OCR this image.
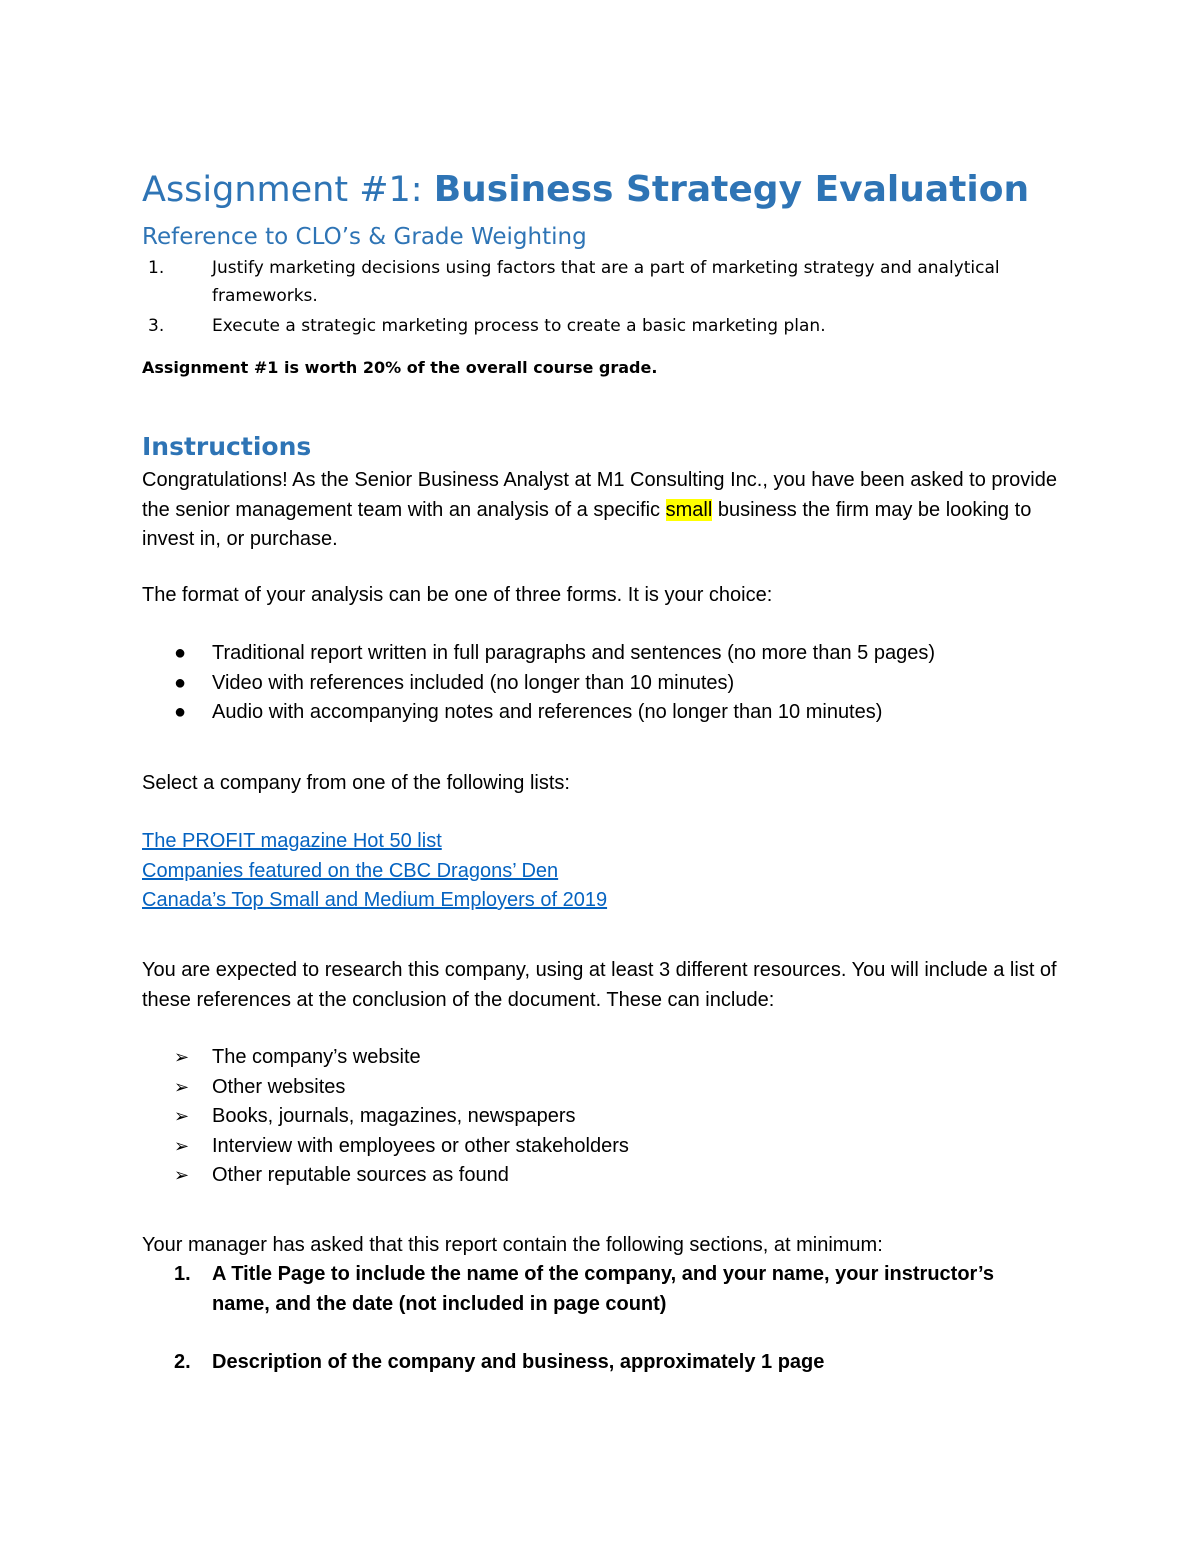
Assignment #1: Business Strategy Evaluation
Reference to CLO’s & Grade Weighting
1.	Justify marketing decisions using factors that are a part of marketing strategy and analytical frameworks.
3.	Execute a strategic marketing process to create a basic marketing plan.
Assignment #1 is worth 20% of the overall course grade.
Instructions

Congratulations! As the Senior Business Analyst at M1 Consulting Inc., you have been asked to provide the senior management team with an analysis of a specific small business the firm may be looking to invest in, or purchase.

The format of your analysis can be one of three forms. It is your choice:

● Traditional report written in full paragraphs and sentences (no more than 5 pages)
● Video with references included (no longer than 10 minutes)
● Audio with accompanying notes and references (no longer than 10 minutes)

Select a company from one of the following lists:

The PROFIT magazine Hot 50 list
Companies featured on the CBC Dragons’ Den
Canada’s Top Small and Medium Employers of 2019

You are expected to research this company, using at least 3 different resources. You will include a list of these references at the conclusion of the document. These can include:

➢ The company’s website
➢ Other websites
➢ Books, journals, magazines, newspapers
➢ Interview with employees or other stakeholders
➢ Other reputable sources as found

Your manager has asked that this report contain the following sections, at minimum:

1. A Title Page to include the name of the company, and your name, your instructor’s name, and the date (not included in page count)
2. Description of the company and business, approximately 1 page
